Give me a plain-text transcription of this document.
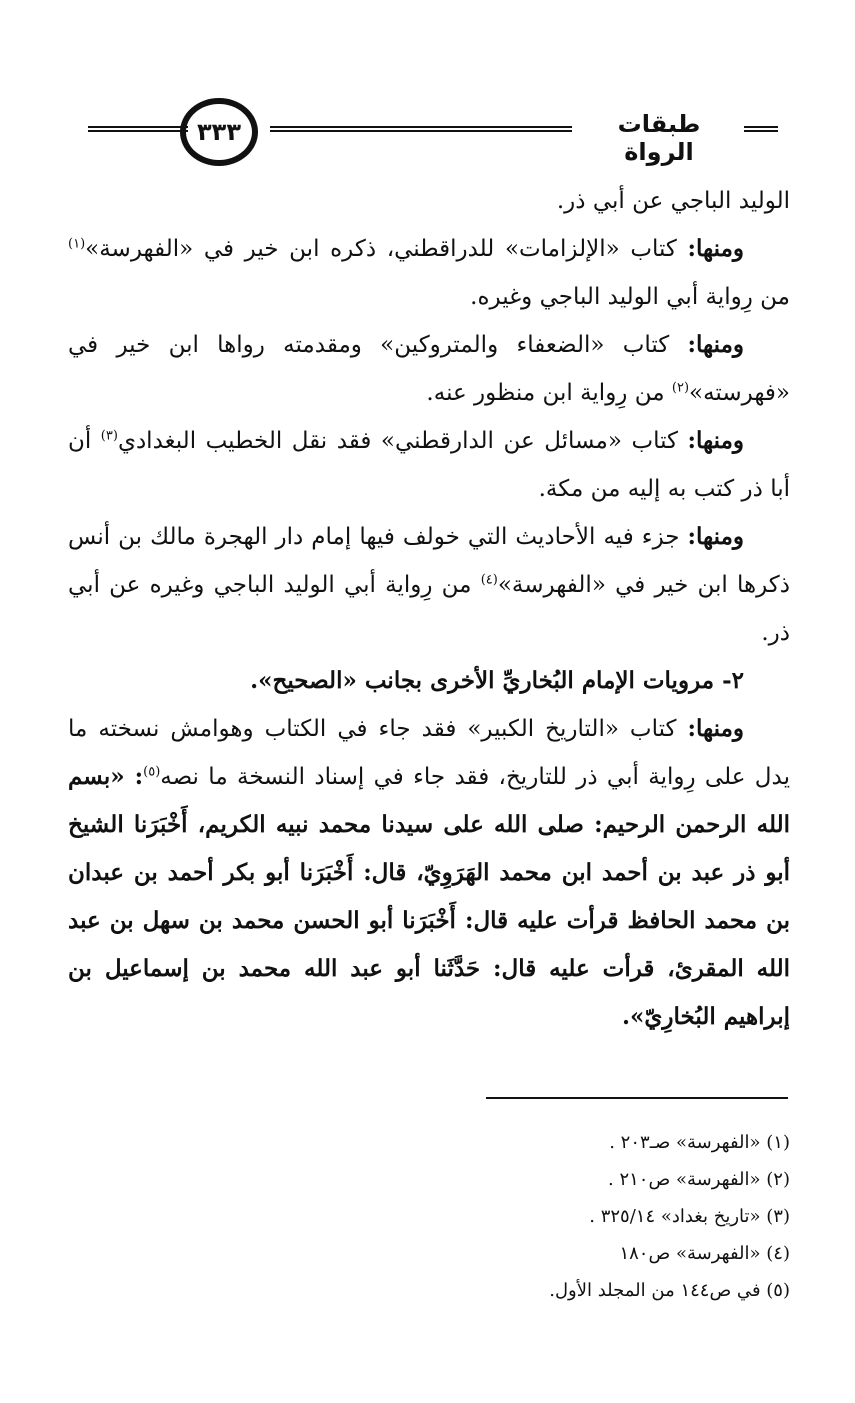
٣٣٣	طبقات الرواة

الوليد الباجي عن أبي ذر.

ومنها: كتاب «الإلزامات» للدراقطني، ذكره ابن خير في «الفهرسة»$^{(١)}$ من رِواية أبي الوليد الباجي وغيره.

ومنها: كتاب «الضعفاء والمتروكين» ومقدمته رواها ابن خير في «فهرسته»$^{(٢)}$ من رِواية ابن منظور عنه.

ومنها: كتاب «مسائل عن الدارقطني» فقد نقل الخطيب البغدادي$^{(٣)}$ أن أبا ذر كتب به إليه من مكة.

ومنها: جزء فيه الأحاديث التي خولف فيها إمام دار الهجرة مالك بن أنس ذكرها ابن خير في «الفهرسة»$^{(٤)}$ من رِواية أبي الوليد الباجي وغيره عن أبي ذر.

٢- مرويات الإمام البُخاريِّ الأخرى بجانب «الصحيح».

ومنها: كتاب «التاريخ الكبير» فقد جاء في الكتاب وهوامش نسخته ما يدل على رِواية أبي ذر للتاريخ، فقد جاء في إسناد النسخة ما نصه$^{(٥)}$: «بسم الله الرحمن الرحيم: صلى الله على سيدنا محمد نبيه الكريم، أَخْبَرَنا الشيخ أبو ذر عبد بن أحمد ابن محمد الهَرَوِيّ، قال: أَخْبَرَنا أبو بكر أحمد بن عبدان بن محمد الحافظ قرأت عليه قال: أَخْبَرَنا أبو الحسن محمد بن سهل بن عبد الله المقرئ، قرأت عليه قال: حَدَّثَنا أبو عبد الله محمد بن إسماعيل بن إبراهيم البُخارِيّ».

(١) «الفهرسة» صـ٢٠٣ .

(٢) «الفهرسة» ص٢١٠ .

(٣) «تاريخ بغداد» ٣٢٥/١٤ .

(٤) «الفهرسة» ص١٨٠

(٥) في ص١٤٤ من المجلد الأول.
